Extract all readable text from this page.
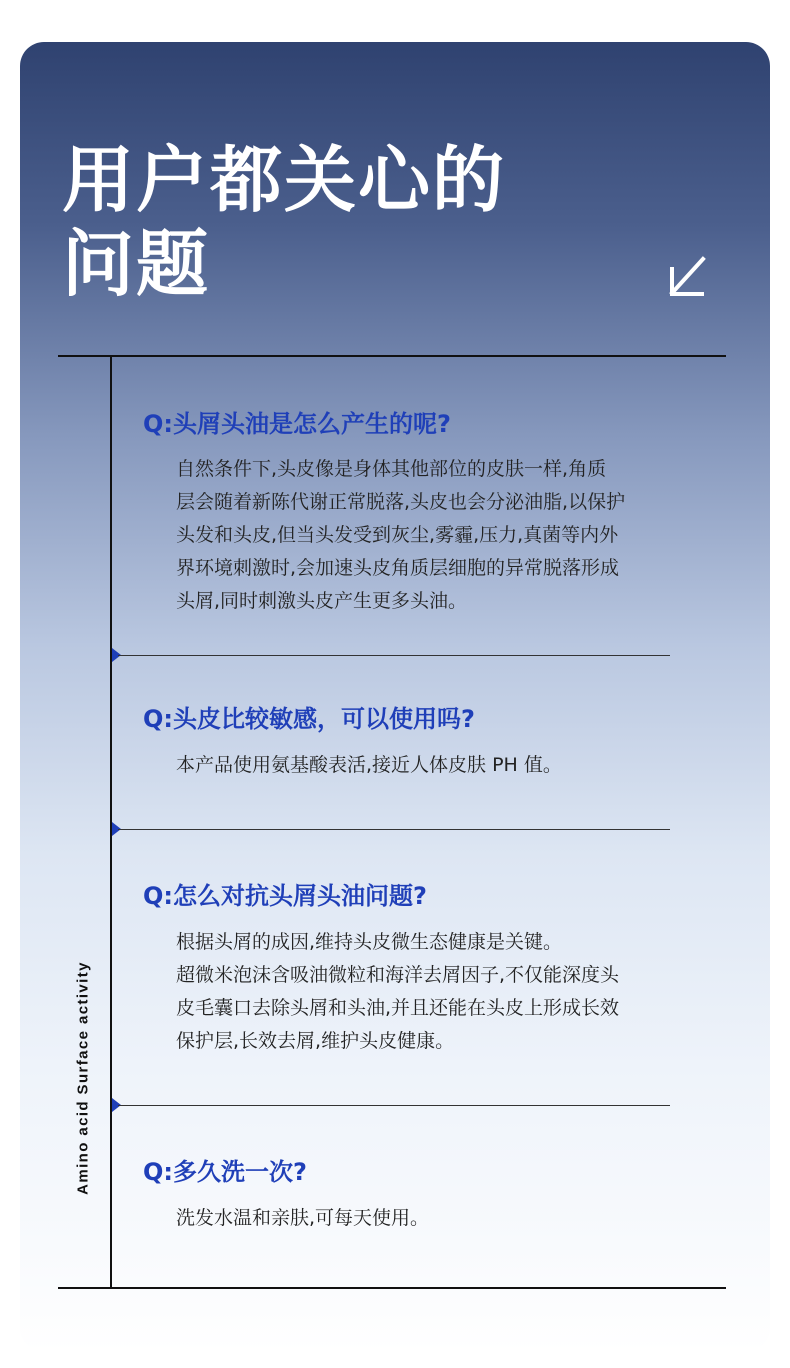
用户都关心的
问题
Amino acid Surface activity
Q:头屑头油是怎么产生的呢?
自然条件下,头皮像是身体其他部位的皮肤一样,角质
层会随着新陈代谢正常脱落,头皮也会分泌油脂,以保护
头发和头皮,但当头发受到灰尘,雾霾,压力,真菌等内外
界环境刺激时,会加速头皮角质层细胞的异常脱落形成
头屑,同时刺激头皮产生更多头油。
Q:头皮比较敏感，可以使用吗?
本产品使用氨基酸表活,接近人体皮肤 PH 值。
Q:怎么对抗头屑头油问题?
根据头屑的成因,维持头皮微生态健康是关键。
超微米泡沫含吸油微粒和海洋去屑因子,不仅能深度头
皮毛囊口去除头屑和头油,并且还能在头皮上形成长效
保护层,长效去屑,维护头皮健康。
Q:多久洗一次?
洗发水温和亲肤,可每天使用。
